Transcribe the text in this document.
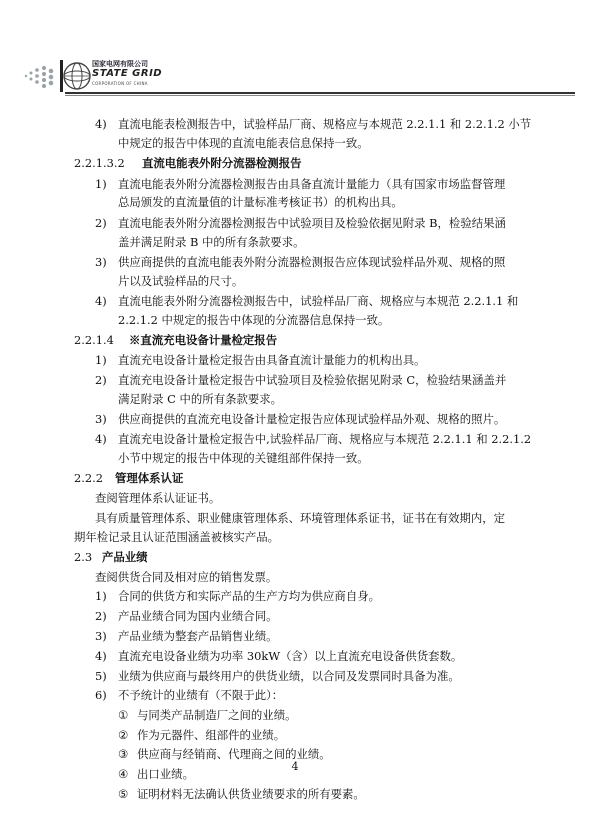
国家电网有限公司
STATE GRID
CORPORATION OF CHINA
4) 直流电能表检测报告中，试验样品厂商、规格应与本规范 2.2.1.1 和 2.2.1.2 小节
中规定的报告中体现的直流电能表信息保持一致。
2.2.1.3.2 直流电能表外附分流器检测报告
1) 直流电能表外附分流器检测报告由具备直流计量能力（具有国家市场监督管理
总局颁发的直流量值的计量标准考核证书）的机构出具。
2) 直流电能表外附分流器检测报告中试验项目及检验依据见附录 B，检验结果涵
盖并满足附录 B 中的所有条款要求。
3) 供应商提供的直流电能表外附分流器检测报告应体现试验样品外观、规格的照
片以及试验样品的尺寸。
4) 直流电能表外附分流器检测报告中，试验样品厂商、规格应与本规范 2.2.1.1 和
2.2.1.2 中规定的报告中体现的分流器信息保持一致。
2.2.1.4 ※直流充电设备计量检定报告
1) 直流充电设备计量检定报告由具备直流计量能力的机构出具。
2) 直流充电设备计量检定报告中试验项目及检验依据见附录 C，检验结果涵盖并
满足附录 C 中的所有条款要求。
3) 供应商提供的直流充电设备计量检定报告应体现试验样品外观、规格的照片。
4) 直流充电设备计量检定报告中,试验样品厂商、规格应与本规范 2.2.1.1 和 2.2.1.2
小节中规定的报告中体现的关键组部件保持一致。
2.2.2 管理体系认证
查阅管理体系认证证书。
具有质量管理体系、职业健康管理体系、环境管理体系证书，证书在有效期内，定
期年检记录且认证范围涵盖被核实产品。
2.3 产品业绩
查阅供货合同及相对应的销售发票。
1) 合同的供货方和实际产品的生产方均为供应商自身。
2) 产品业绩合同为国内业绩合同。
3) 产品业绩为整套产品销售业绩。
4) 直流充电设备业绩为功率 30kW（含）以上直流充电设备供货套数。
5) 业绩为供应商与最终用户的供货业绩，以合同及发票同时具备为准。
6) 不予统计的业绩有（不限于此）：
① 与同类产品制造厂之间的业绩。
② 作为元器件、组部件的业绩。
③ 供应商与经销商、代理商之间的业绩。
④ 出口业绩。
⑤ 证明材料无法确认供货业绩要求的所有要素。
4
